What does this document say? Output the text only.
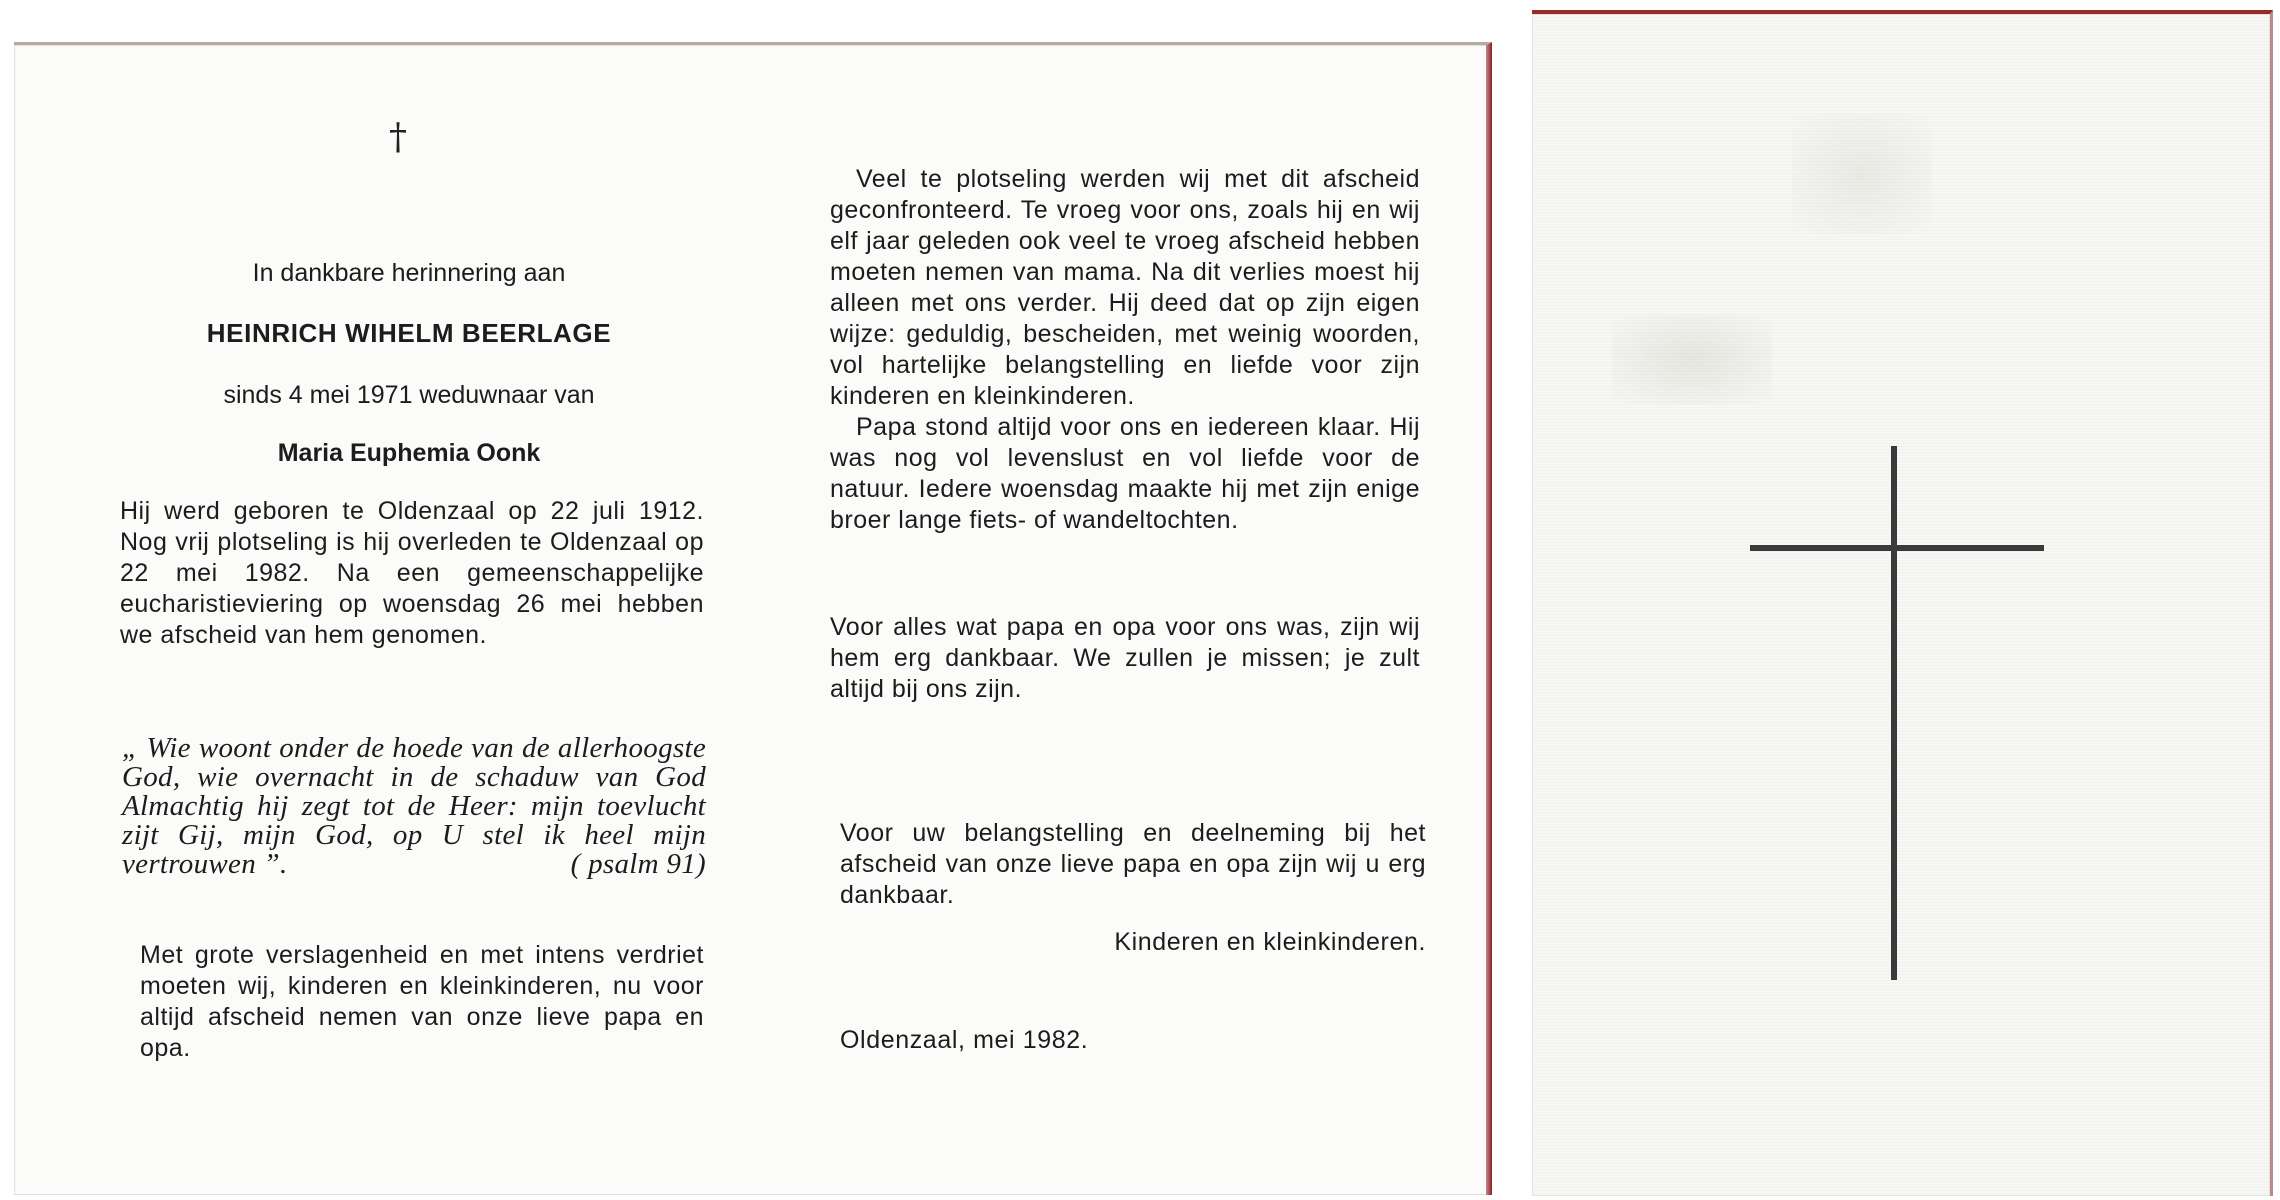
†

In dankbare herinnering aan

HEINRICH WIHELM BEERLAGE

sinds 4 mei 1971 weduwnaar van

Maria Euphemia Oonk

Hij werd geboren te Oldenzaal op 22 juli 1912. Nog vrij plotseling is hij overleden te Oldenzaal op 22 mei 1982. Na een gemeenschappelijke eucharistieviering op woensdag 26 mei hebben we afscheid van hem genomen.

„ Wie woont onder de hoede van de allerhoogste God, wie overnacht in de schaduw van God Almachtig hij zegt tot de Heer: mijn toevlucht zijt Gij, mijn God, op U stel ik heel mijn vertrouwen ”.	( psalm 91)

Met grote verslagenheid en met intens verdriet moeten wij, kinderen en kleinkinderen, nu voor altijd afscheid nemen van onze lieve papa en opa.

Veel te plotseling werden wij met dit afscheid geconfronteerd. Te vroeg voor ons, zoals hij en wij elf jaar geleden ook veel te vroeg afscheid hebben moeten nemen van mama. Na dit verlies moest hij alleen met ons verder. Hij deed dat op zijn eigen wijze: geduldig, bescheiden, met weinig woorden, vol hartelijke belangstelling en liefde voor zijn kinderen en kleinkinderen.
Papa stond altijd voor ons en iedereen klaar. Hij was nog vol levenslust en vol liefde voor de natuur. Iedere woensdag maakte hij met zijn enige broer lange fiets- of wandeltochten.

Voor alles wat papa en opa voor ons was, zijn wij hem erg dankbaar. We zullen je missen; je zult altijd bij ons zijn.

Voor uw belangstelling en deelneming bij het afscheid van onze lieve papa en opa zijn wij u erg dankbaar.

Kinderen en kleinkinderen.

Oldenzaal, mei 1982.
